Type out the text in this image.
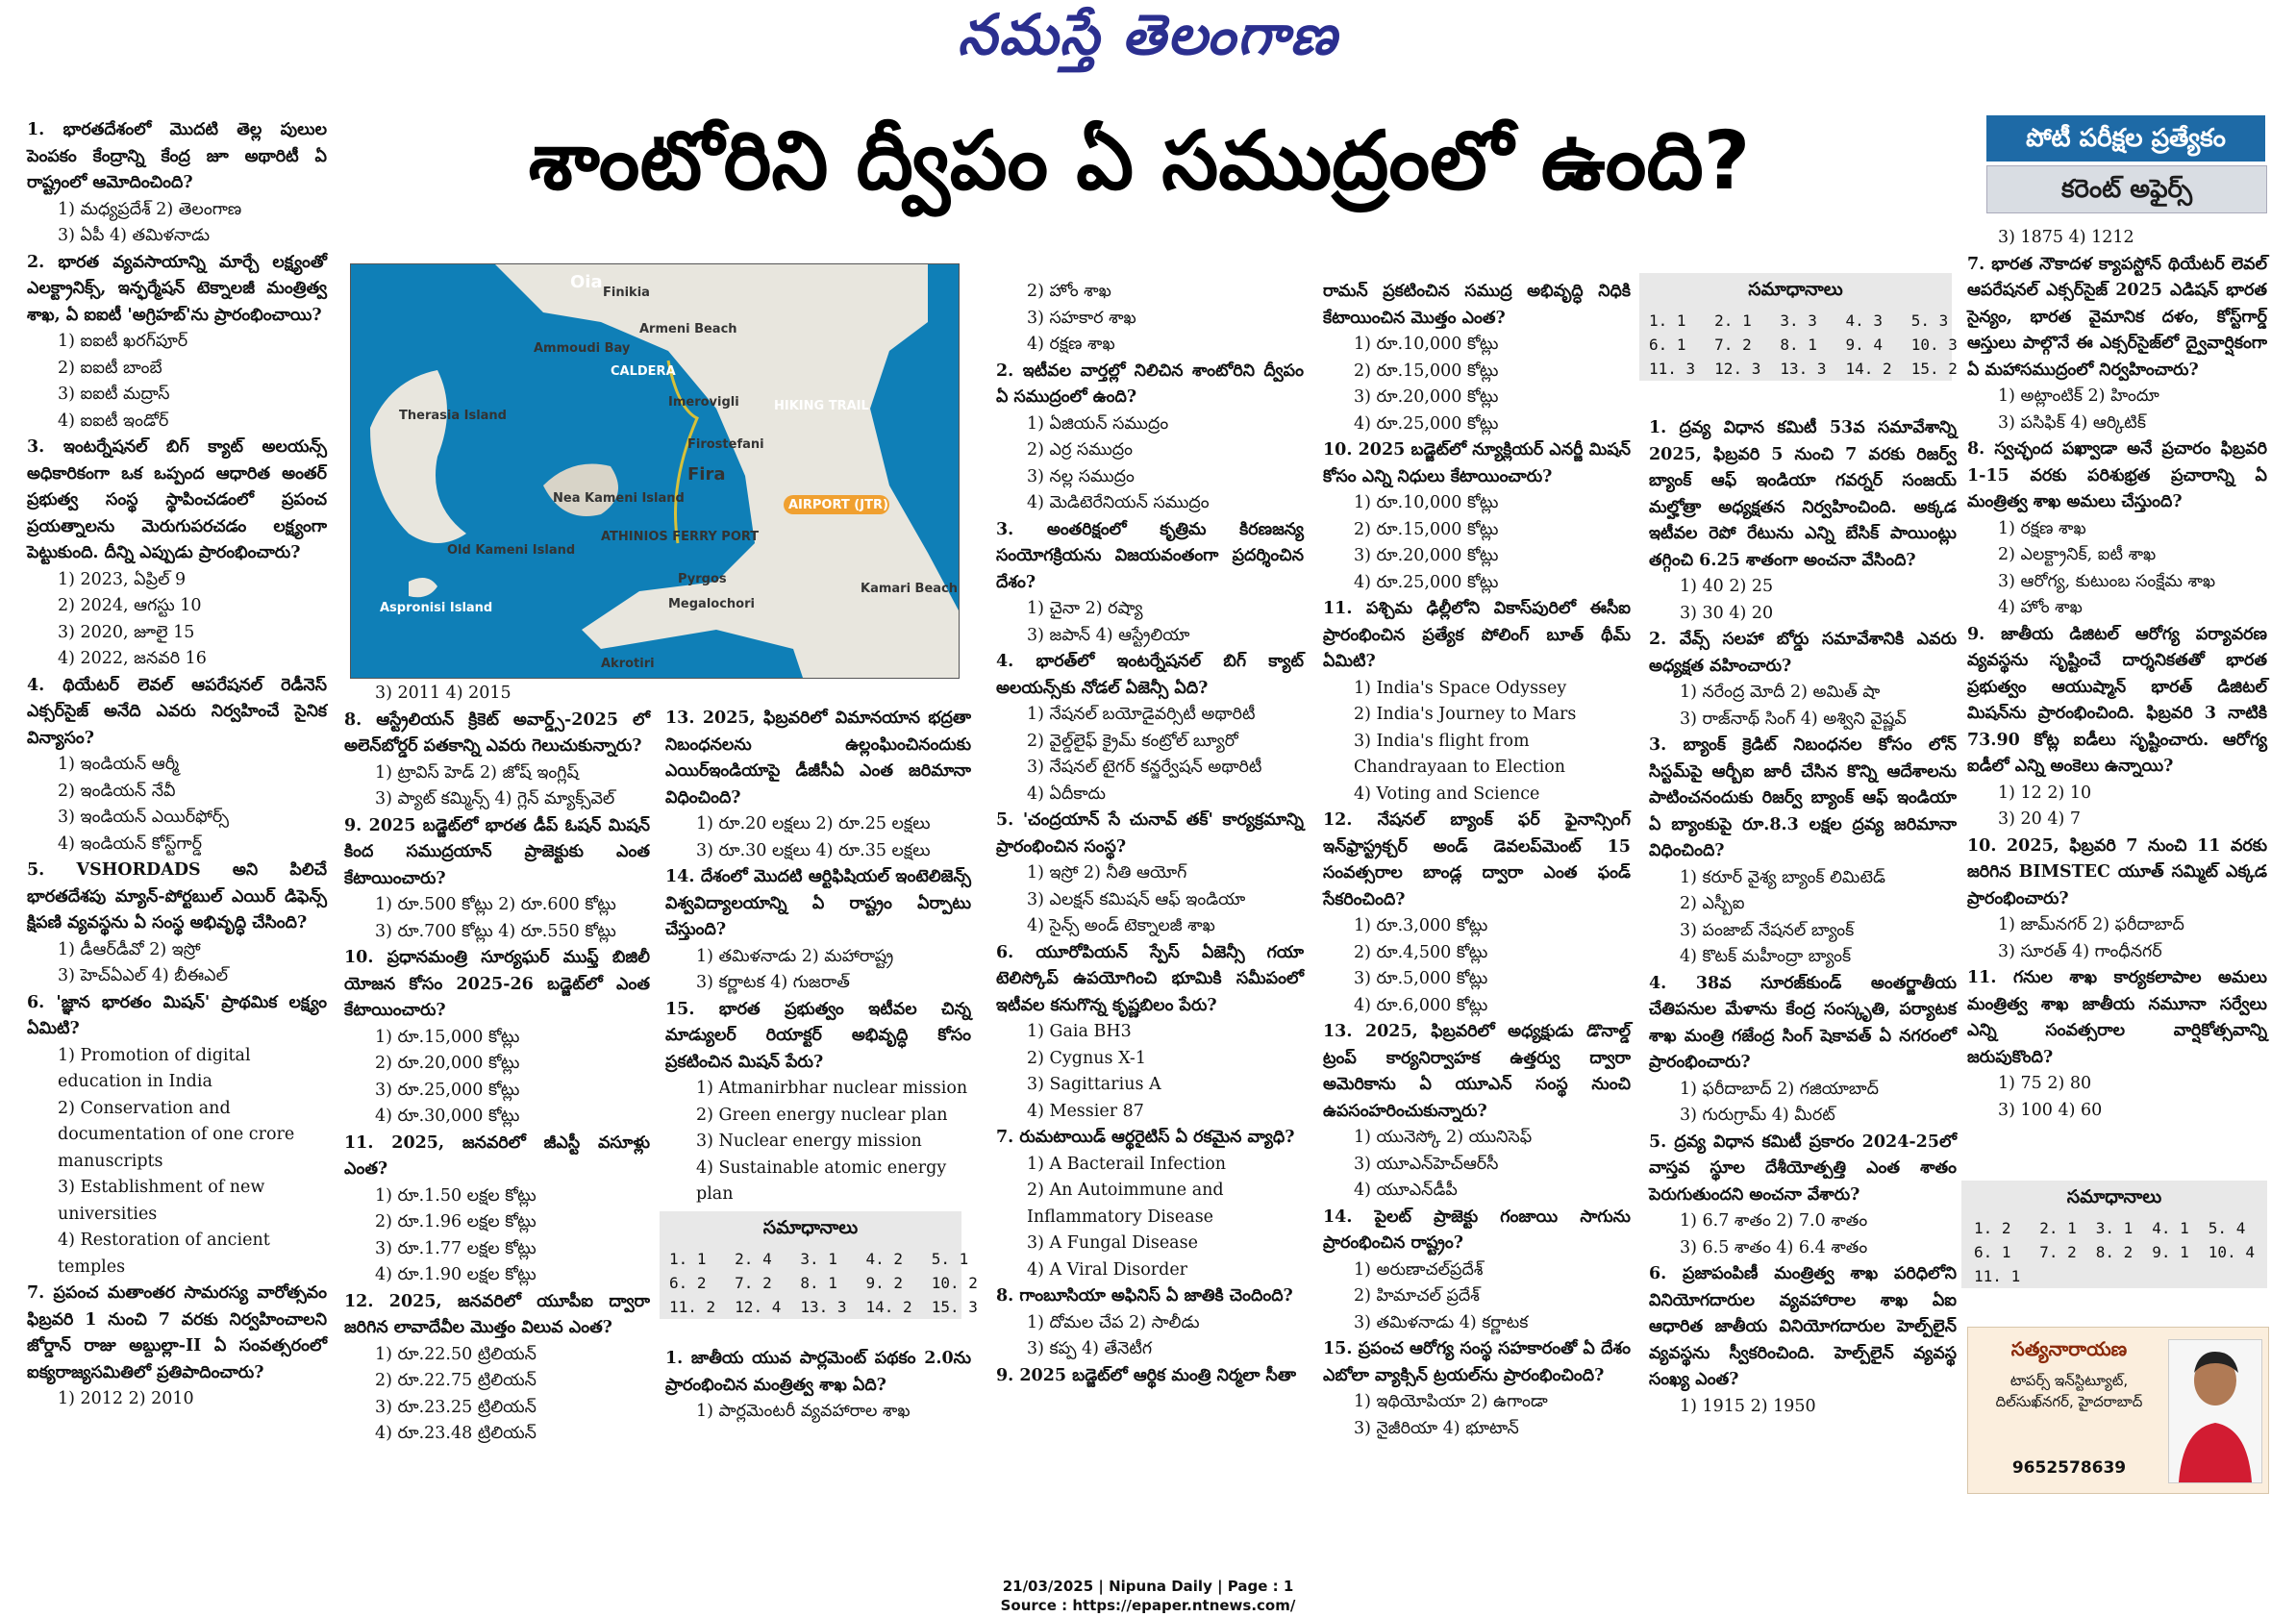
నమస్తే తెలంగాణ
శాంటోరిని ద్వీపం ఏ సముద్రంలో ఉంది?	పోటీ పరీక్షల ప్రత్యేకం
కరెంట్ అఫైర్స్
Oia
Finikia
Ammoudi Bay
Armeni Beach
CALDERA
Imerovigli	HIKING TRAIL
Therasia Island
Firostefani
Fira
Nea Kameni Island	AIRPORT (JTR)
ATHINIOS FERRY PORT
Old Kameni Island
Pyrgos
Megalochori
Kamari Beach
Aspronisi Island
Akrotiri

1. భారతదేశంలో మొదటి తెల్ల పులుల పెంపకం కేంద్రాన్ని కేంద్ర జూ అథారిటీ ఏ రాష్ట్రంలో ఆమోదించింది?

1) మధ్యప్రదేశ్ 2) తెలంగాణ

3) ఏపీ 4) తమిళనాడు

2. భారత వ్యవసాయాన్ని మార్చే లక్ష్యంతో ఎలక్ట్రానిక్స్, ఇన్ఫర్మేషన్ టెక్నాలజీ మంత్రిత్వ శాఖ, ఏ ఐఐటీ 'అగ్రిహబ్'ను ప్రారంభించాయి?

1) ఐఐటీ ఖరగ్‌పూర్

2) ఐఐటీ బాంబే

3) ఐఐటీ మద్రాస్

4) ఐఐటీ ఇండోర్

3. ఇంటర్నేషనల్ బిగ్ క్యాట్ అలయన్స్ అధికారికంగా ఒక ఒప్పంద ఆధారిత అంతర్ ప్రభుత్వ సంస్థ స్థాపించడంలో ప్రపంచ ప్రయత్నాలను మెరుగుపరచడం లక్ష్యంగా పెట్టుకుంది. దీన్ని ఎప్పుడు ప్రారంభించారు?

1) 2023, ఏప్రిల్ 9

2) 2024, ఆగస్టు 10

3) 2020, జూలై 15

4) 2022, జనవరి 16

4. థియేటర్ లెవల్ ఆపరేషనల్ రెడీనెస్ ఎక్సర్‌సైజ్ అనేది ఎవరు నిర్వహించే సైనిక విన్యాసం?

1) ఇండియన్ ఆర్మీ

2) ఇండియన్ నేవీ

3) ఇండియన్ ఎయిర్‌ఫోర్స్

4) ఇండియన్ కోస్ట్‌గార్డ్

5. VSHORDADS అని పిలిచే భారతదేశపు మ్యాన్-పోర్టబుల్ ఎయిర్ డిఫెన్స్ క్షిపణి వ్యవస్థను ఏ సంస్థ అభివృద్ధి చేసింది?

1) డీఆర్‌డీవో 2) ఇస్రో

3) హెచ్ఏఎల్ 4) బీఈఎల్

6. 'జ్ఞాన భారతం మిషన్' ప్రాథమిక లక్ష్యం ఏమిటి?

1) Promotion of digital education in India

2) Conservation and documentation of one crore manuscripts

3) Establishment of new universities

4) Restoration of ancient temples

7. ప్రపంచ మతాంతర సామరస్య వారోత్సవం ఫిబ్రవరి 1 నుంచి 7 వరకు నిర్వహించాలని జోర్డాన్ రాజు అబ్దుల్లా-II ఏ సంవత్సరంలో ఐక్యరాజ్యసమితిలో ప్రతిపాదించారు?

1) 2012 2) 2010

3) 2011 4) 2015

8. ఆస్ట్రేలియన్ క్రికెట్ అవార్డ్స్-2025 లో అలెన్‌బోర్డర్ పతకాన్ని ఎవరు గెలుచుకున్నారు?

1) ట్రావిస్ హెడ్ 2) జోష్ ఇంగ్లిష్

3) ప్యాట్ కమ్మిన్స్ 4) గ్లెన్ మ్యాక్స్‌వెల్

9. 2025 బడ్జెట్‌లో భారత డీప్ ఓషన్ మిషన్ కింద సముద్రయాన్ ప్రాజెక్టుకు ఎంత కేటాయించారు?

1) రూ.500 కోట్లు 2) రూ.600 కోట్లు

3) రూ.700 కోట్లు 4) రూ.550 కోట్లు

10. ప్రధానమంత్రి సూర్యఘర్ ముఫ్త్ బిజిలీ యోజన కోసం 2025-26 బడ్జెట్‌లో ఎంత కేటాయించారు?

1) రూ.15,000 కోట్లు

2) రూ.20,000 కోట్లు

3) రూ.25,000 కోట్లు

4) రూ.30,000 కోట్లు

11. 2025, జనవరిలో జీఎస్టీ వసూళ్లు ఎంత?

1) రూ.1.50 లక్షల కోట్లు

2) రూ.1.96 లక్షల కోట్లు

3) రూ.1.77 లక్షల కోట్లు

4) రూ.1.90 లక్షల కోట్లు

12. 2025, జనవరిలో యూపీఐ ద్వారా జరిగిన లావాదేవీల మొత్తం విలువ ఎంత?

1) రూ.22.50 ట్రిలియన్

2) రూ.22.75 ట్రిలియన్

3) రూ.23.25 ట్రిలియన్

4) రూ.23.48 ట్రిలియన్

13. 2025, ఫిబ్రవరిలో విమానయాన భద్రతా నిబంధనలను ఉల్లంఘించినందుకు ఎయిర్‌ఇండియాపై డీజీసీఏ ఎంత జరిమానా విధించింది?

1) రూ.20 లక్షలు 2) రూ.25 లక్షలు

3) రూ.30 లక్షలు 4) రూ.35 లక్షలు

14. దేశంలో మొదటి ఆర్టిఫిషియల్ ఇంటెలిజెన్స్ విశ్వవిద్యాలయాన్ని ఏ రాష్ట్రం ఏర్పాటు చేస్తుంది?

1) తమిళనాడు 2) మహారాష్ట్ర

3) కర్ణాటక 4) గుజరాత్

15. భారత ప్రభుత్వం ఇటీవల చిన్న మాడ్యులర్ రియాక్టర్ అభివృద్ధి కోసం ప్రకటించిన మిషన్ పేరు?

1) Atmanirbhar nuclear mission

2) Green energy nuclear plan

3) Nuclear energy mission

4) Sustainable atomic energy plan

సమాధానాలు
1. 1	2. 4	3. 1	4. 2	5. 1
6. 2	7. 2	8. 1	9. 2	10. 2
11. 2	12. 4	13. 3	14. 2	15. 3

1. జాతీయ యువ పార్లమెంట్ పథకం 2.0ను ప్రారంభించిన మంత్రిత్వ శాఖ ఏది?

1) పార్లమెంటరీ వ్యవహారాల శాఖ

2) హోం శాఖ

3) సహకార శాఖ

4) రక్షణ శాఖ

2. ఇటీవల వార్తల్లో నిలిచిన శాంటోరిని ద్వీపం ఏ సముద్రంలో ఉంది?

1) ఏజియన్ సముద్రం

2) ఎర్ర సముద్రం

3) నల్ల సముద్రం

4) మెడిటెరేనియన్ సముద్రం

3. అంతరిక్షంలో కృత్రిమ కిరణజన్య సంయోగక్రియను విజయవంతంగా ప్రదర్శించిన దేశం?

1) చైనా 2) రష్యా

3) జపాన్ 4) ఆస్ట్రేలియా

4. భారత్‌లో ఇంటర్నేషనల్ బిగ్ క్యాట్ అలయన్స్‌కు నోడల్ ఏజెన్సీ ఏది?

1) నేషనల్ బయోడైవర్సిటీ అథారిటీ

2) వైల్డ్‌లైఫ్ క్రైమ్ కంట్రోల్ బ్యూరో

3) నేషనల్ టైగర్ కన్జర్వేషన్ అథారిటీ

4) ఏదీకాదు

5. 'చంద్రయాన్ సే చునావ్ తక్' కార్యక్రమాన్ని ప్రారంభించిన సంస్థ?

1) ఇస్రో 2) నీతి ఆయోగ్

3) ఎలక్షన్ కమిషన్ ఆఫ్ ఇండియా

4) సైన్స్ అండ్ టెక్నాలజీ శాఖ

6. యూరోపియన్ స్పేస్ ఏజెన్సీ గయా టెలిస్కోప్ ఉపయోగించి భూమికి సమీపంలో ఇటీవల కనుగొన్న కృష్ణబిలం పేరు?

1) Gaia BH3

2) Cygnus X-1

3) Sagittarius A

4) Messier 87

7. రుమటాయిడ్ ఆర్థరైటిస్ ఏ రకమైన వ్యాధి?

1) A Bacterail Infection

2) An Autoimmune and Inflammatory Disease

3) A Fungal Disease

4) A Viral Disorder

8. గాంబూసియా అఫినిస్ ఏ జాతికి చెందింది?

1) దోమల చేప 2) సాలీడు

3) కప్ప 4) తేనెటీగ

9. 2025 బడ్జెట్‌లో ఆర్థిక మంత్రి నిర్మలా సీతా

రామన్ ప్రకటించిన సముద్ర అభివృద్ధి నిధికి కేటాయించిన మొత్తం ఎంత?

1) రూ.10,000 కోట్లు

2) రూ.15,000 కోట్లు

3) రూ.20,000 కోట్లు

4) రూ.25,000 కోట్లు

10. 2025 బడ్జెట్‌లో న్యూక్లియర్ ఎనర్జీ మిషన్ కోసం ఎన్ని నిధులు కేటాయించారు?

1) రూ.10,000 కోట్లు

2) రూ.15,000 కోట్లు

3) రూ.20,000 కోట్లు

4) రూ.25,000 కోట్లు

11. పశ్చిమ ఢిల్లీలోని వికాస్‌పురిలో ఈసీఐ ప్రారంభించిన ప్రత్యేక పోలింగ్ బూత్ థీమ్ ఏమిటి?

1) India's Space Odyssey

2) India's Journey to Mars

3) India's flight from Chandrayaan to Election

4) Voting and Science

12. నేషనల్ బ్యాంక్ ఫర్ ఫైనాన్సింగ్ ఇన్‌ఫ్రాస్ట్రక్చర్ అండ్ డెవలప్‌మెంట్ 15 సంవత్సరాల బాండ్ల ద్వారా ఎంత ఫండ్ సేకరించింది?

1) రూ.3,000 కోట్లు

2) రూ.4,500 కోట్లు

3) రూ.5,000 కోట్లు

4) రూ.6,000 కోట్లు

13. 2025, ఫిబ్రవరిలో అధ్యక్షుడు డొనాల్డ్ ట్రంప్ కార్యనిర్వాహక ఉత్తర్వు ద్వారా అమెరికాను ఏ యూఎన్ సంస్థ నుంచి ఉపసంహరించుకున్నారు?

1) యునెస్కో 2) యునిసెఫ్

3) యూఎన్‌హెచ్‌ఆర్‌సీ

4) యూఎన్‌డీపీ

14. పైలట్ ప్రాజెక్టు గంజాయి సాగును ప్రారంభించిన రాష్ట్రం?

1) అరుణాచల్‌ప్రదేశ్

2) హిమాచల్ ప్రదేశ్

3) తమిళనాడు 4) కర్ణాటక

15. ప్రపంచ ఆరోగ్య సంస్థ సహకారంతో ఏ దేశం ఎబోలా వ్యాక్సిన్ ట్రయల్‌ను ప్రారంభించింది?

1) ఇథియోపియా 2) ఉగాండా

3) నైజీరియా 4) భూటాన్

సమాధానాలు
1. 1	2. 1	3. 3	4. 3	5. 3
6. 1	7. 2	8. 1	9. 4	10. 3
11. 3	12. 3	13. 3	14. 2	15. 2

1. ద్రవ్య విధాన కమిటీ 53వ సమావేశాన్ని 2025, ఫిబ్రవరి 5 నుంచి 7 వరకు రిజర్వ్ బ్యాంక్ ఆఫ్ ఇండియా గవర్నర్ సంజయ్ మల్హోత్రా అధ్యక్షతన నిర్వహించింది. అక్కడ ఇటీవల రెపో రేటును ఎన్ని బేసిక్ పాయింట్లు తగ్గించి 6.25 శాతంగా అంచనా వేసింది?

1) 40 2) 25

3) 30 4) 20

2. వేవ్స్ సలహా బోర్డు సమావేశానికి ఎవరు అధ్యక్షత వహించారు?

1) నరేంద్ర మోదీ 2) అమిత్ షా

3) రాజ్‌నాథ్ సింగ్ 4) అశ్విని వైష్ణవ్

3. బ్యాంక్ క్రెడిట్ నిబంధనల కోసం లోన్ సిస్టమ్‌పై ఆర్బీఐ జారీ చేసిన కొన్ని ఆదేశాలను పాటించనందుకు రిజర్వ్ బ్యాంక్ ఆఫ్ ఇండియా ఏ బ్యాంకుపై రూ.8.3 లక్షల ద్రవ్య జరిమానా విధించింది?

1) కరూర్ వైశ్య బ్యాంక్ లిమిటెడ్

2) ఎస్బీఐ

3) పంజాబ్ నేషనల్ బ్యాంక్

4) కొటక్ మహీంద్రా బ్యాంక్

4. 38వ సూరజ్‌కుండ్ అంతర్జాతీయ చేతిపనుల మేళాను కేంద్ర సంస్కృతి, పర్యాటక శాఖ మంత్రి గజేంద్ర సింగ్ షెకావత్ ఏ నగరంలో ప్రారంభించారు?

1) ఫరీదాబాద్ 2) గజియాబాద్

3) గురుగ్రామ్ 4) మీరట్

5. ద్రవ్య విధాన కమిటీ ప్రకారం 2024-25లో వాస్తవ స్థూల దేశీయోత్పత్తి ఎంత శాతం పెరుగుతుందని అంచనా వేశారు?

1) 6.7 శాతం 2) 7.0 శాతం

3) 6.5 శాతం 4) 6.4 శాతం

6. ప్రజాపంపిణీ మంత్రిత్వ శాఖ పరిధిలోని వినియోగదారుల వ్యవహారాల శాఖ ఏఐ ఆధారిత జాతీయ వినియోగదారుల హెల్ప్‌లైన్ వ్యవస్థను స్వీకరించింది. హెల్ప్‌లైన్ వ్యవస్థ సంఖ్య ఎంత?

1) 1915 2) 1950

3) 1875 4) 1212

7. భారత నౌకాదళ క్యాపస్టోన్ థియేటర్ లెవల్ ఆపరేషనల్ ఎక్సర్‌సైజ్ 2025 ఎడిషన్ భారత సైన్యం, భారత వైమానిక దళం, కోస్ట్‌గార్డ్ ఆస్తులు పాల్గొనే ఈ ఎక్సర్‌సైజ్‌లో ద్వైవార్షికంగా ఏ మహాసముద్రంలో నిర్వహించారు?

1) అట్లాంటిక్ 2) హిందూ

3) పసిఫిక్ 4) ఆర్కిటిక్

8. స్వచ్ఛంద పఖ్వాడా అనే ప్రచారం ఫిబ్రవరి 1-15 వరకు పరిశుభ్రత ప్రచారాన్ని ఏ మంత్రిత్వ శాఖ అమలు చేస్తుంది?

1) రక్షణ శాఖ

2) ఎలక్ట్రానిక్, ఐటీ శాఖ

3) ఆరోగ్య, కుటుంబ సంక్షేమ శాఖ

4) హోం శాఖ

9. జాతీయ డిజిటల్ ఆరోగ్య పర్యావరణ వ్యవస్థను సృష్టించే దార్శనికతతో భారత ప్రభుత్వం ఆయుష్మాన్ భారత్ డిజిటల్ మిషన్‌ను ప్రారంభించింది. ఫిబ్రవరి 3 నాటికి 73.90 కోట్ల ఐడీలు సృష్టించారు. ఆరోగ్య ఐడీలో ఎన్ని అంకెలు ఉన్నాయి?

1) 12 2) 10

3) 20 4) 7

10. 2025, ఫిబ్రవరి 7 నుంచి 11 వరకు జరిగిన BIMSTEC యూత్ సమ్మిట్ ఎక్కడ ప్రారంభించారు?

1) జామ్‌నగర్ 2) ఫరీదాబాద్

3) సూరత్ 4) గాంధీనగర్

11. గనుల శాఖ కార్యకలాపాల అమలు మంత్రిత్వ శాఖ జాతీయ నమూనా సర్వేలు ఎన్ని సంవత్సరాల వార్షికోత్సవాన్ని జరుపుకొంది?

1) 75 2) 80

3) 100 4) 60

సమాధానాలు
1. 2	2. 1	3. 1	4. 1	5. 4
6. 1	7. 2	8. 2	9. 1	10. 4
11. 1				
సత్యనారాయణ
టాపర్స్ ఇన్‌స్టిట్యూట్, దిల్‌సుఖ్‌నగర్, హైదరాబాద్
9652578639
21/03/2025 | Nipuna Daily | Page : 1
Source : https://epaper.ntnews.com/
